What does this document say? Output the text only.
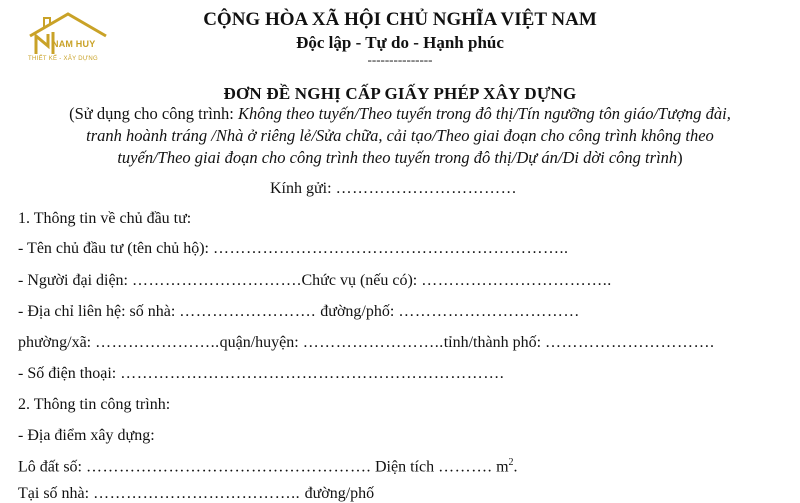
NAM HUY
THIẾT KẾ - XÂY DỰNG
CỘNG HÒA XÃ HỘI CHỦ NGHĨA VIỆT NAM
Độc lập - Tự do - Hạnh phúc
---------------
ĐƠN ĐỀ NGHỊ CẤP GIẤY PHÉP XÂY DỰNG
(Sử dụng cho công trình: Không theo tuyến/Theo tuyến trong đô thị/Tín ngưỡng tôn giáo/Tượng đài,
tranh hoành tráng /Nhà ở riêng lẻ/Sửa chữa, cải tạo/Theo giai đoạn cho công trình không theo
tuyến/Theo giai đoạn cho công trình theo tuyến trong đô thị/Dự án/Di dời công trình)
Kính gửi: ……………………………
1. Thông tin về chủ đầu tư:
- Tên chủ đầu tư (tên chủ hộ): ………………………………………………………..
- Người đại diện: ………………………….Chức vụ (nếu có): ……………………………..
- Địa chỉ liên hệ: số nhà: ……………………. đường/phố: ……………………………
phường/xã: …………………..quận/huyện: ……………………..tỉnh/thành phố: ………………………….
- Số điện thoại: …………………………………………………………….
2. Thông tin công trình:
- Địa điểm xây dựng:
Lô đất số: ……………………………………………. Diện tích ………. $m^2$.
Tại số nhà: ……………………………….. đường/phố
